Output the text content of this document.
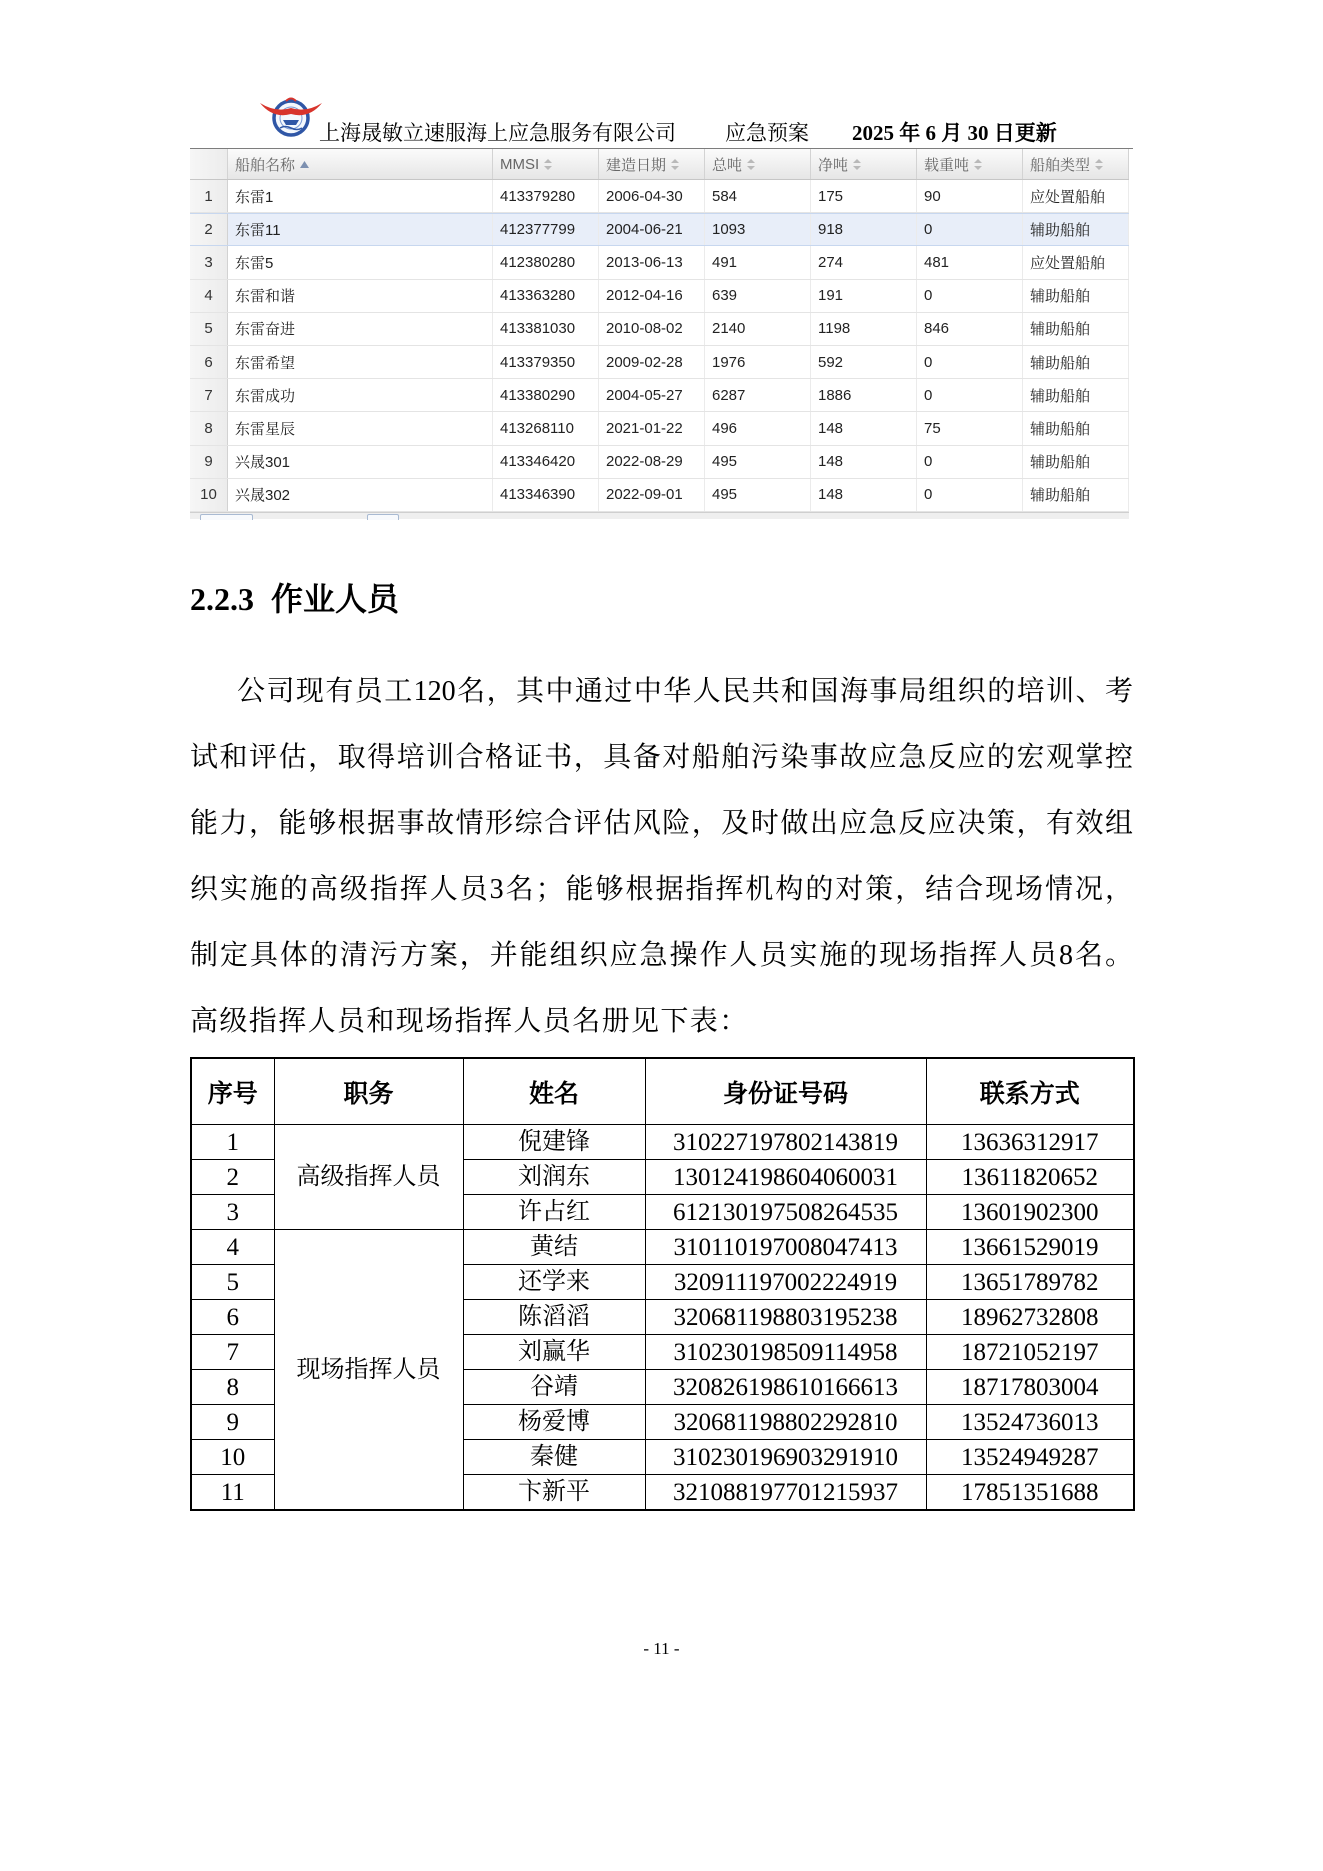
上海晟敏立速服海上应急服务有限公司 应急预案 2025 年 6 月 30 日更新
船舶名称	MMSI	建造日期	总吨	净吨	载重吨	船舶类型
1	东雷1	413379280	2006-04-30	584	175	90	应处置船舶
2	东雷11	412377799	2004-06-21	1093	918	0	辅助船舶
3	东雷5	412380280	2013-06-13	491	274	481	应处置船舶
4	东雷和谐	413363280	2012-04-16	639	191	0	辅助船舶
5	东雷奋进	413381030	2010-08-02	2140	1198	846	辅助船舶
6	东雷希望	413379350	2009-02-28	1976	592	0	辅助船舶
7	东雷成功	413380290	2004-05-27	6287	1886	0	辅助船舶
8	东雷星辰	413268110	2021-01-22	496	148	75	辅助船舶
9	兴晟301	413346420	2022-08-29	495	148	0	辅助船舶
10	兴晟302	413346390	2022-09-01	495	148	0	辅助船舶
2.2.3 作业人员
公司现有员工120名，其中通过中华人民共和国海事局组织的培训、考
试和评估，取得培训合格证书，具备对船舶污染事故应急反应的宏观掌控
能力，能够根据事故情形综合评估风险，及时做出应急反应决策，有效组
织实施的高级指挥人员3名；能够根据指挥机构的对策，结合现场情况，
制定具体的清污方案，并能组织应急操作人员实施的现场指挥人员8名。
高级指挥人员和现场指挥人员名册见下表：
序号	职务	姓名	身份证号码	联系方式
1	高级指挥人员	倪建锋	310227197802143819	13636312917
2		刘润东	130124198604060031	13611820652
3		许占红	612130197508264535	13601902300
4	现场指挥人员	黄结	310110197008047413	13661529019
5		还学来	320911197002224919	13651789782
6		陈滔滔	320681198803195238	18962732808
7		刘赢华	310230198509114958	18721052197
8		谷靖	320826198610166613	18717803004
9		杨爱博	320681198802292810	13524736013
10		秦健	310230196903291910	13524949287
11		卞新平	321088197701215937	17851351688
- 11 -
